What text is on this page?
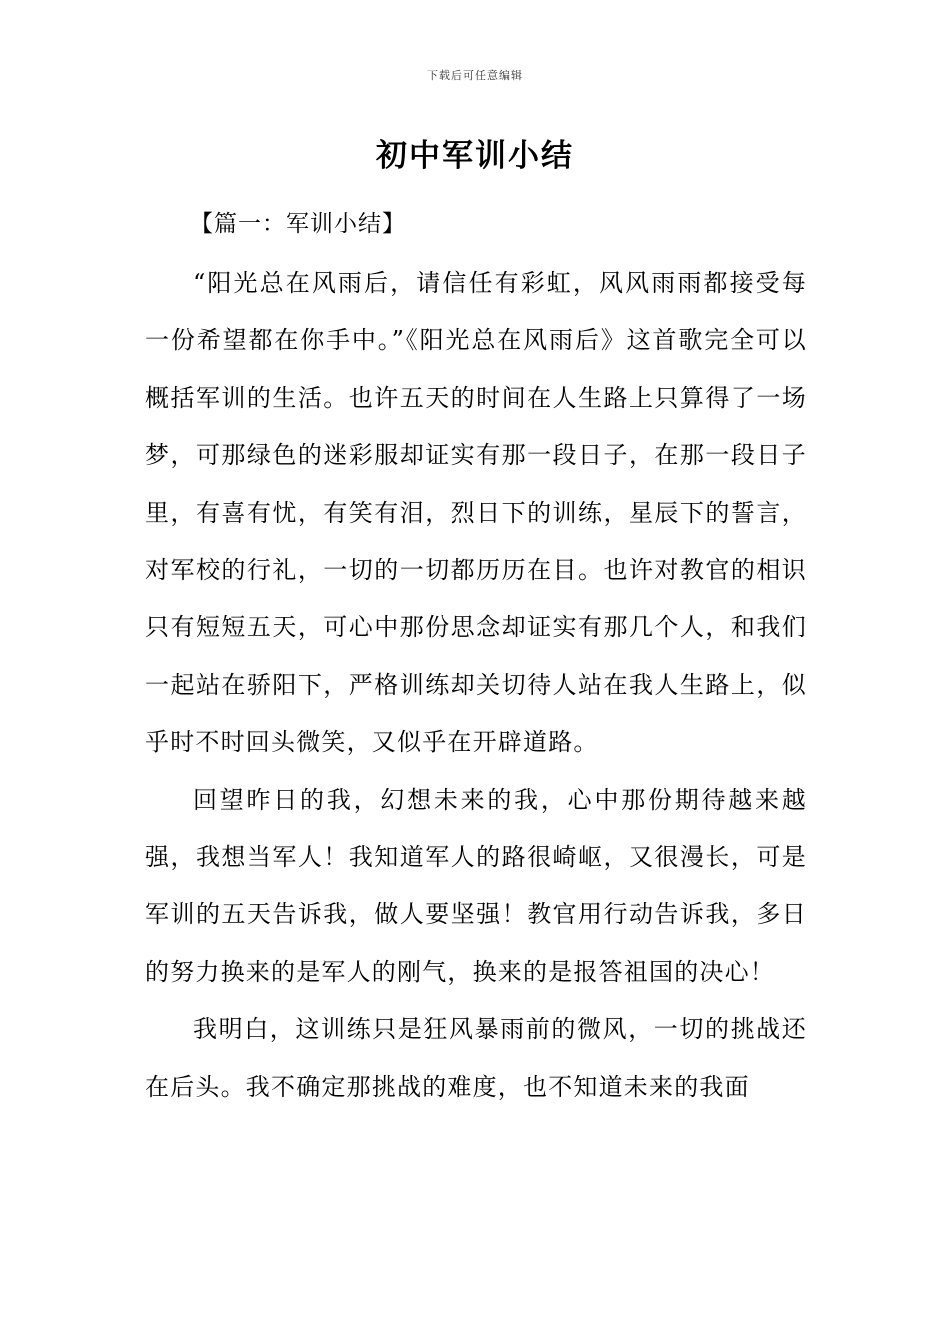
下载后可任意编辑
初中军训小结
【篇一：军训小结】

“阳光总在风雨后，请信任有彩虹，风风雨雨都接受每一份希望都在你手中。”《阳光总在风雨后》这首歌完全可以概括军训的生活。也许五天的时间在人生路上只算得了一场梦，可那绿色的迷彩服却证实有那一段日子，在那一段日子里，有喜有忧，有笑有泪，烈日下的训练，星辰下的誓言，对军校的行礼，一切的一切都历历在目。也许对教官的相识只有短短五天，可心中那份思念却证实有那几个人，和我们一起站在骄阳下，严格训练却关切待人站在我人生路上，似乎时不时回头微笑，又似乎在开辟道路。

回望昨日的我，幻想未来的我，心中那份期待越来越强，我想当军人！我知道军人的路很崎岖，又很漫长，可是军训的五天告诉我，做人要坚强！教官用行动告诉我，多日的努力换来的是军人的刚气，换来的是报答祖国的决心！

我明白，这训练只是狂风暴雨前的微风，一切的挑战还在后头。我不确定那挑战的难度，也不知道未来的我面
